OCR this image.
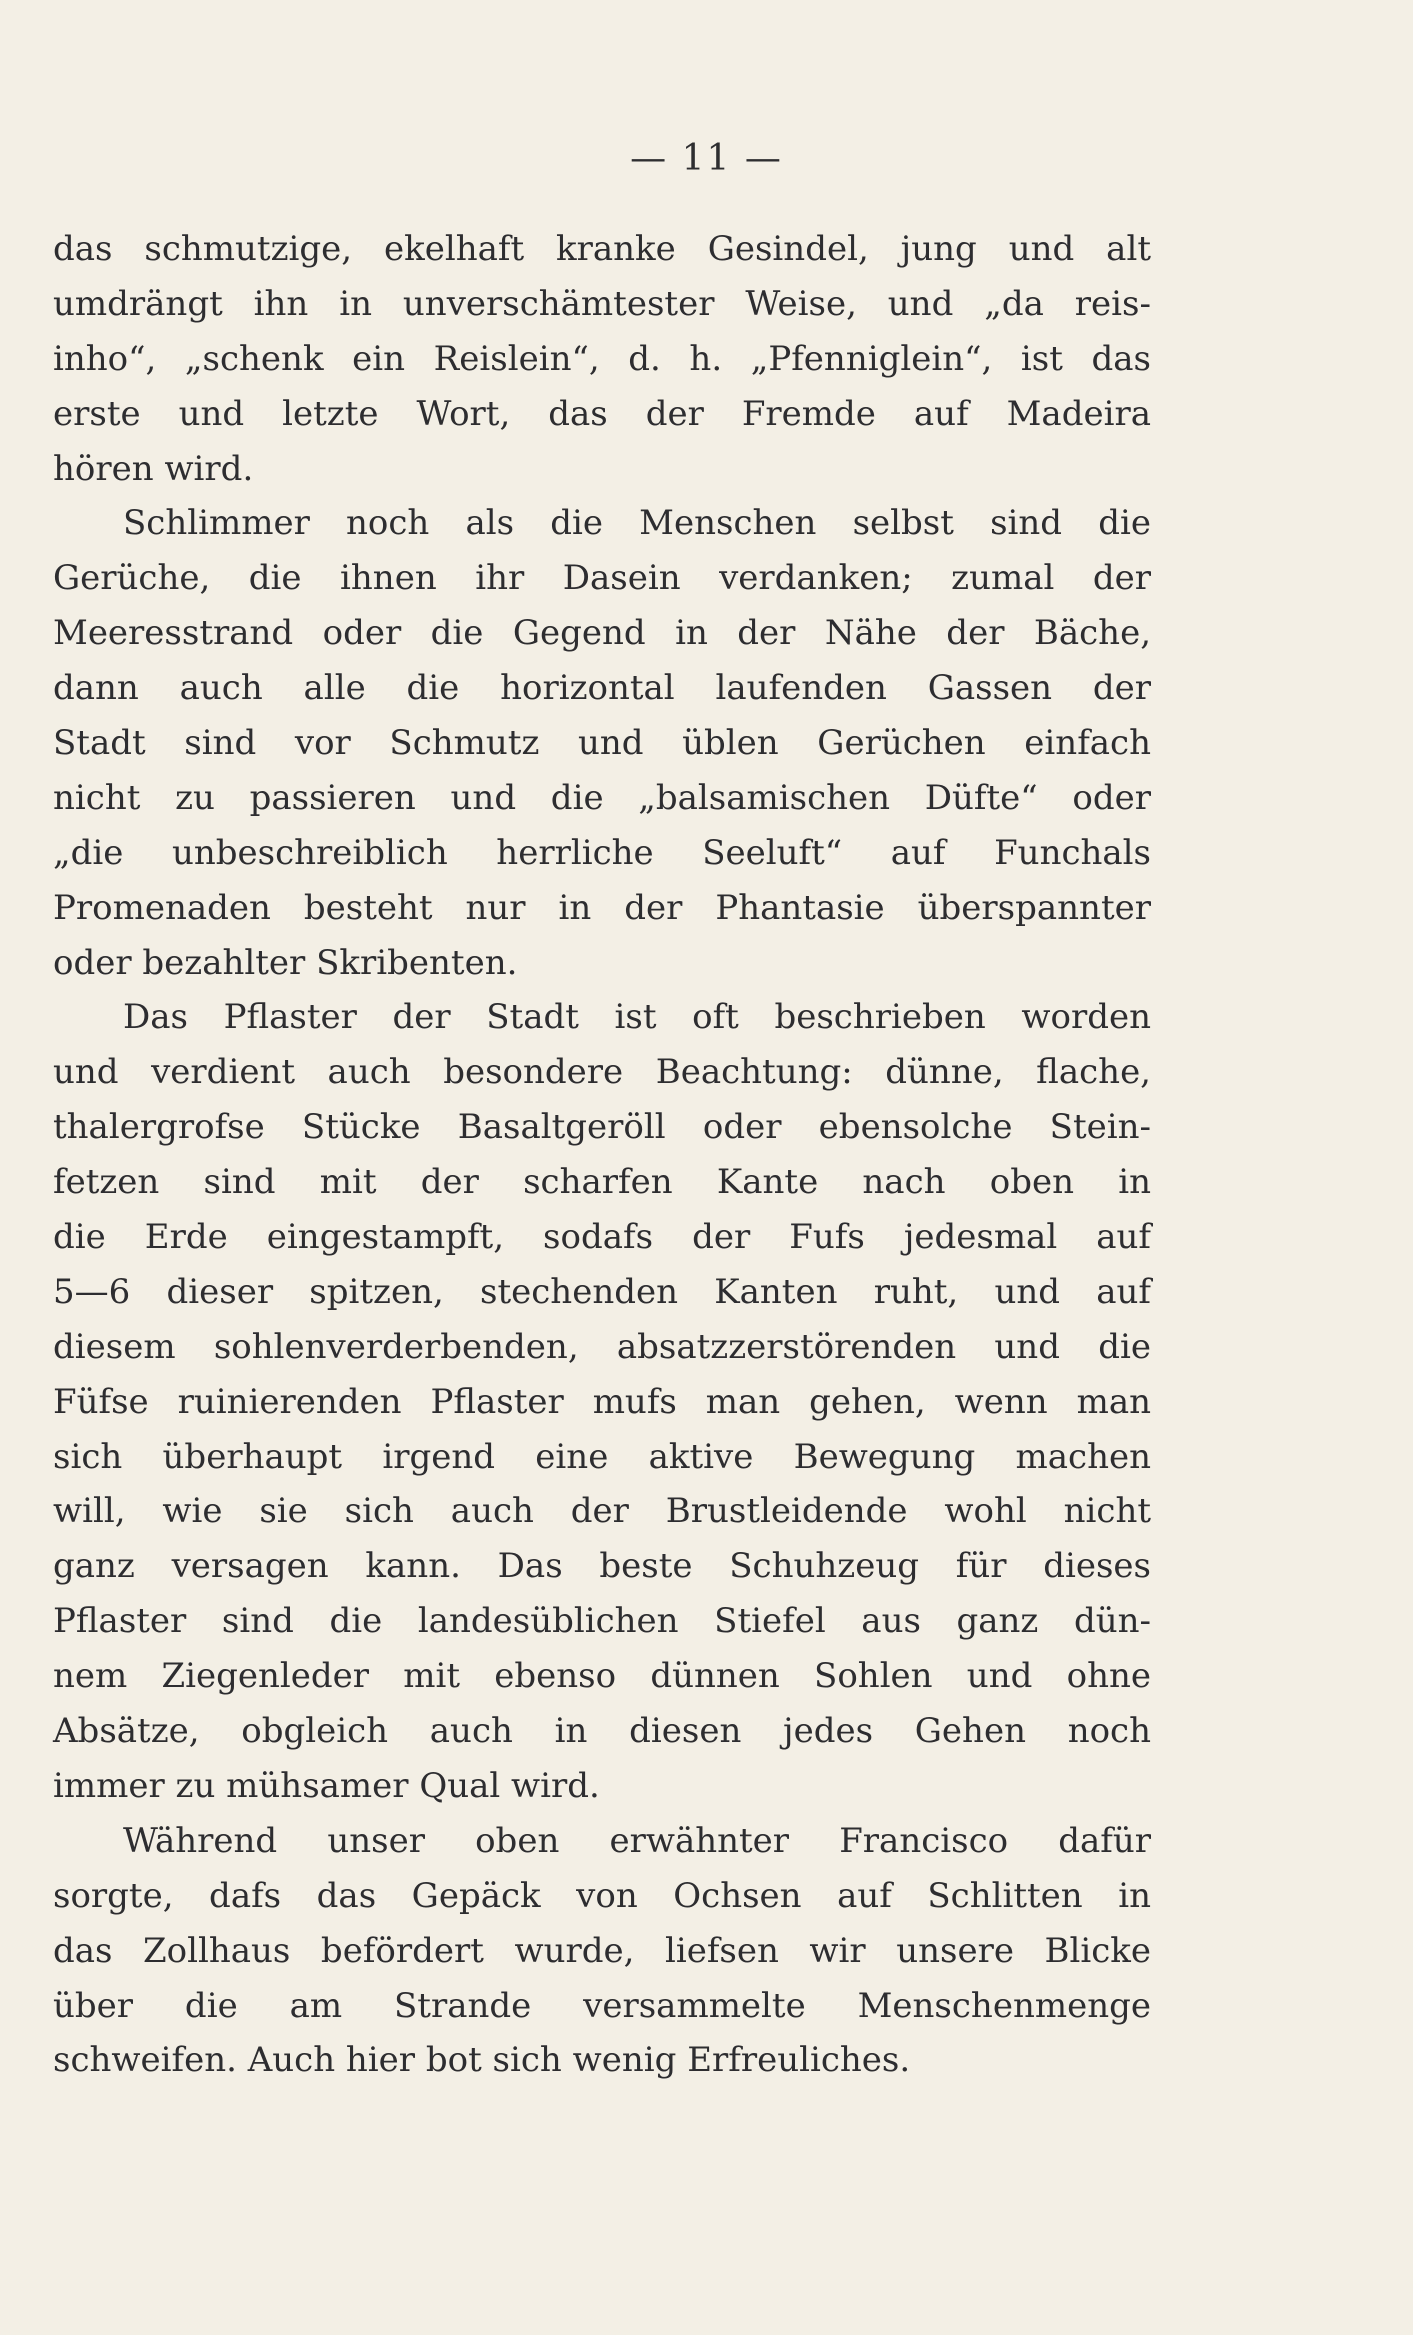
— 11 —
das schmutzige, ekelhaft kranke Gesindel, jung und alt
umdrängt ihn in unverschämtester Weise, und „da reis-
inho“, „schenk ein Reislein“, d. h. „Pfenniglein“, ist das
erste und letzte Wort, das der Fremde auf Madeira
hören wird.
Schlimmer noch als die Menschen selbst sind die
Gerüche, die ihnen ihr Dasein verdanken; zumal der
Meeresstrand oder die Gegend in der Nähe der Bäche,
dann auch alle die horizontal laufenden Gassen der
Stadt sind vor Schmutz und üblen Gerüchen einfach
nicht zu passieren und die „balsamischen Düfte“ oder
„die unbeschreiblich herrliche Seeluft“ auf Funchals
Promenaden besteht nur in der Phantasie überspannter
oder bezahlter Skribenten.
Das Pflaster der Stadt ist oft beschrieben worden
und verdient auch besondere Beachtung: dünne, flache,
thalergrofse Stücke Basaltgeröll oder ebensolche Stein-
fetzen sind mit der scharfen Kante nach oben in
die Erde eingestampft, sodafs der Fufs jedesmal auf
5—6 dieser spitzen, stechenden Kanten ruht, und auf
diesem sohlenverderbenden, absatzzerstörenden und die
Füfse ruinierenden Pflaster mufs man gehen, wenn man
sich überhaupt irgend eine aktive Bewegung machen
will, wie sie sich auch der Brustleidende wohl nicht
ganz versagen kann. Das beste Schuhzeug für dieses
Pflaster sind die landesüblichen Stiefel aus ganz dün-
nem Ziegenleder mit ebenso dünnen Sohlen und ohne
Absätze, obgleich auch in diesen jedes Gehen noch
immer zu mühsamer Qual wird.
Während unser oben erwähnter Francisco dafür
sorgte, dafs das Gepäck von Ochsen auf Schlitten in
das Zollhaus befördert wurde, liefsen wir unsere Blicke
über die am Strande versammelte Menschenmenge
schweifen. Auch hier bot sich wenig Erfreuliches.
